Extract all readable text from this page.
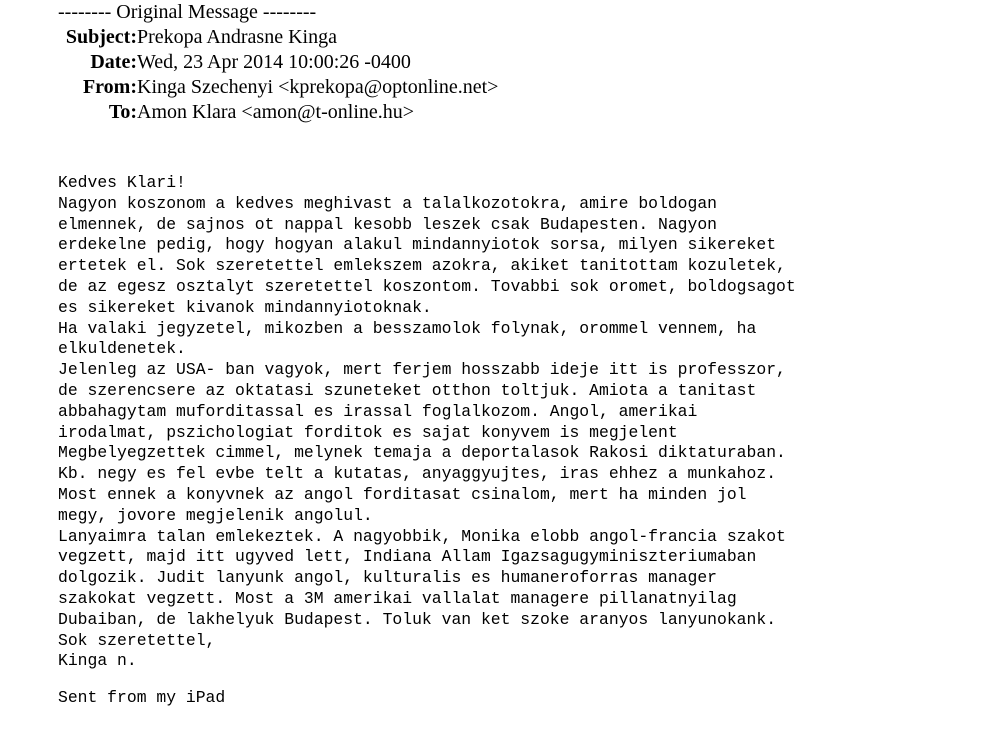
-------- Original Message --------
Subject: Prekopa Andrasne Kinga
Date: Wed, 23 Apr 2014 10:00:26 -0400
From: Kinga Szechenyi <kprekopa@optonline.net>
To: Amon Klara <amon@t-online.hu>
Kedves Klari!
Nagyon koszonom a kedves meghivast a talalkozotokra, amire boldogan
elmennek, de sajnos ot nappal kesobb leszek csak Budapesten. Nagyon
erdekelne pedig, hogy hogyan alakul mindannyiotok sorsa, milyen sikereket
ertetek el. Sok szeretettel emlekszem azokra, akiket tanitottam kozuletek,
de az egesz osztalyt szeretettel koszontom. Tovabbi sok oromet, boldogsagot
es sikereket kivanok mindannyiotoknak.
Ha valaki jegyzetel, mikozben a besszamolok folynak, orommel vennem, ha
elkuldenetek.
Jelenleg az USA- ban vagyok, mert ferjem hosszabb ideje itt is professzor,
de szerencsere az oktatasi szuneteket otthon toltjuk. Amiota a tanitast
abbahagytam muforditassal es irassal foglalkozom. Angol, amerikai
irodalmat, pszichologiat forditok es sajat konyvem is megjelent
Megbelyegzettek cimmel, melynek temaja a deportalasok Rakosi diktaturaban.
Kb. negy es fel evbe telt a kutatas, anyaggyujtes, iras ehhez a munkahoz.
Most ennek a konyvnek az angol forditasat csinalom, mert ha minden jol
megy, jovore megjelenik angolul.
Lanyaimra talan emlekeztek. A nagyobbik, Monika elobb angol-francia szakot
vegzett, majd itt ugyved lett, Indiana Allam Igazsagugyminiszteriumaban
dolgozik. Judit lanyunk angol, kulturalis es humaneroforras manager
szakokat vegzett. Most a 3M amerikai vallalat managere pillanatnyilag
Dubaiban, de lakhelyuk Budapest. Toluk van ket szoke aranyos lanyunokank.
Sok szeretettel,
Kinga n.
Sent from my iPad
